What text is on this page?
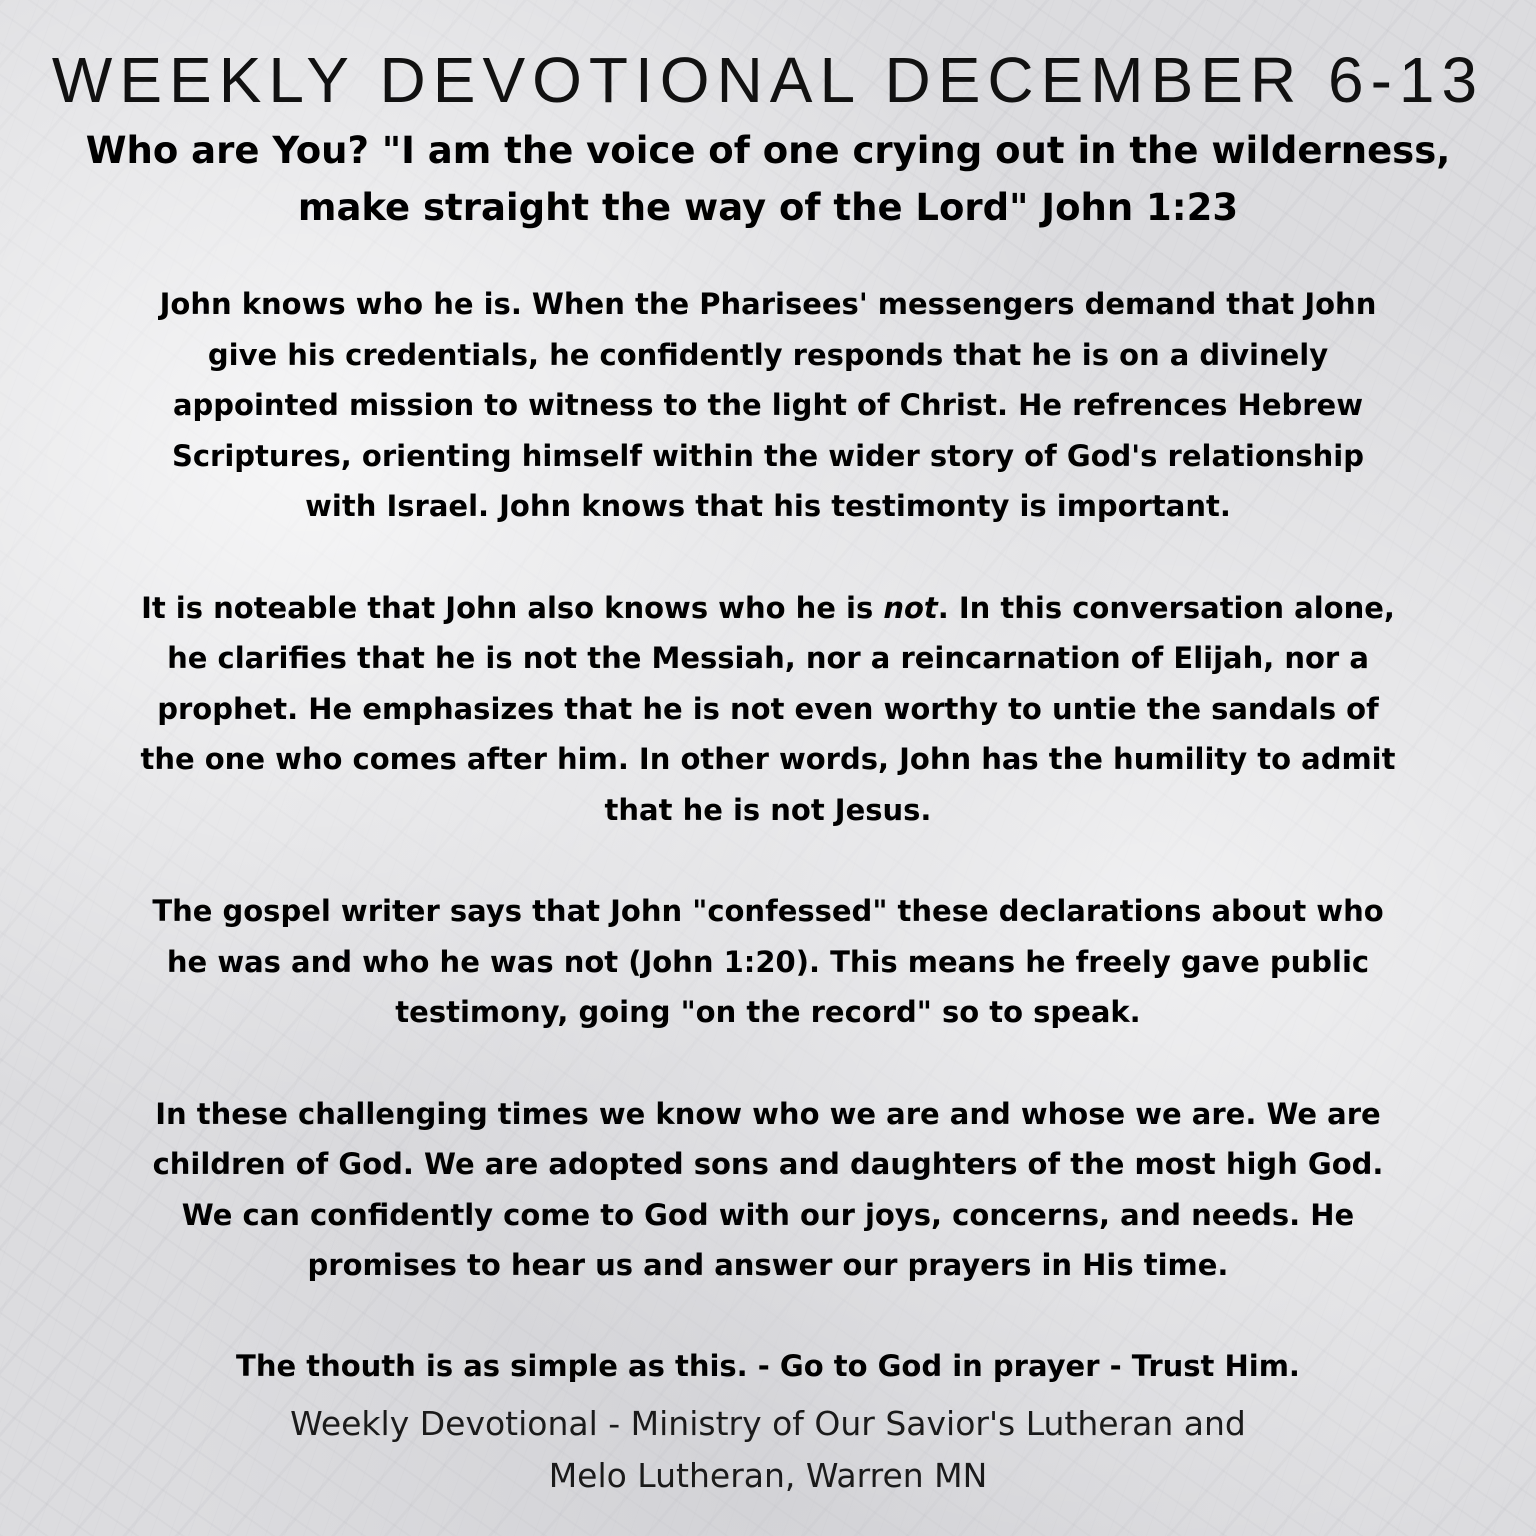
WEEKLY DEVOTIONAL DECEMBER 6-13
Who are You? "I am the voice of one crying out in the wilderness,
make straight the way of the Lord" John 1:23

John knows who he is. When the Pharisees' messengers demand that John
give his credentials, he confidently responds that he is on a divinely
appointed mission to witness to the light of Christ. He refrences Hebrew
Scriptures, orienting himself within the wider story of God's relationship
with Israel. John knows that his testimonty is important.

It is noteable that John also knows who he is not. In this conversation alone,
he clarifies that he is not the Messiah, nor a reincarnation of Elijah, nor a
prophet. He emphasizes that he is not even worthy to untie the sandals of
the one who comes after him. In other words, John has the humility to admit
that he is not Jesus.

The gospel writer says that John "confessed" these declarations about who
he was and who he was not (John 1:20). This means he freely gave public
testimony, going "on the record" so to speak.

In these challenging times we know who we are and whose we are. We are
children of God. We are adopted sons and daughters of the most high God.
We can confidently come to God with our joys, concerns, and needs. He
promises to hear us and answer our prayers in His time.

The thouth is as simple as this. - Go to God in prayer - Trust Him.

Weekly Devotional - Ministry of Our Savior's Lutheran and
Melo Lutheran, Warren MN
